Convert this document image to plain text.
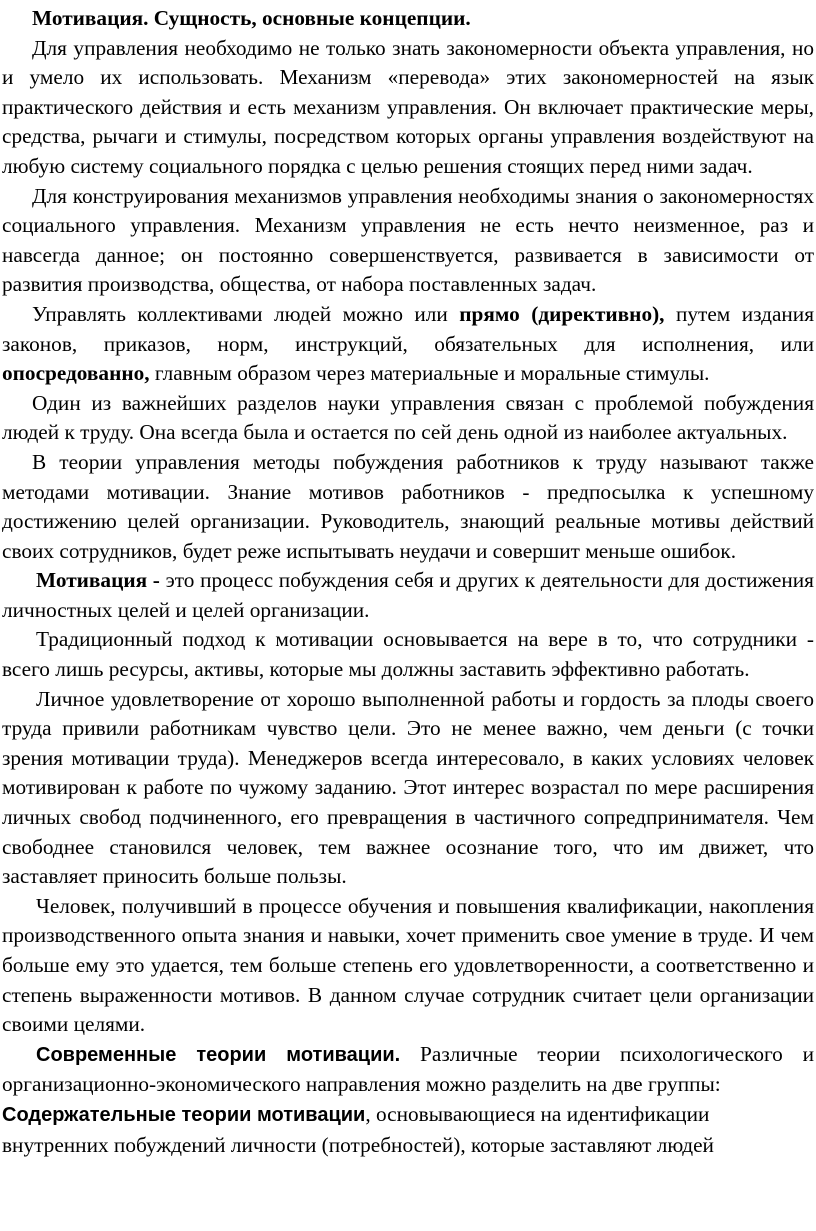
Мотивация. Сущность, основные концепции.

Для управления необходимо не только знать закономерности объекта управления, но и умело их использовать. Механизм «перевода» этих закономерностей на язык практического действия и есть механизм управления. Он включает практические меры, средства, рычаги и стимулы, посредством которых органы управления воздействуют на любую систему социального порядка с целью решения стоящих перед ними задач.

Для конструирования механизмов управления необходимы знания о закономерностях социального управления. Механизм управления не есть нечто неизменное, раз и навсегда данное; он постоянно совершенствуется, развивается в зависимости от развития производства, общества, от набора поставленных задач.

Управлять коллективами людей можно или прямо (директивно), путем издания законов, приказов, норм, инструкций, обязательных для исполнения, или опосредованно, главным образом через материальные и моральные стимулы.

Один из важнейших разделов науки управления связан с проблемой побуждения людей к труду. Она всегда была и остается по сей день одной из наиболее актуальных.

В теории управления методы побуждения работников к труду называют также методами мотивации. Знание мотивов работников - предпосылка к успешному достижению целей организации. Руководитель, знающий реальные мотивы действий своих сотрудников, будет реже испытывать неудачи и совершит меньше ошибок.

Мотивация - это процесс побуждения себя и других к деятельности для достижения личностных целей и целей организации.

Традиционный подход к мотивации основывается на вере в то, что сотрудники - всего лишь ресурсы, активы, которые мы должны заставить эффективно работать.

Личное удовлетворение от хорошо выполненной работы и гордость за плоды своего труда привили работникам чувство цели. Это не менее важно, чем деньги (с точки зрения мотивации труда). Менеджеров всегда интересовало, в каких условиях человек мотивирован к работе по чужому заданию. Этот интерес возрастал по мере расширения личных свобод подчиненного, его превращения в частичного сопредпринимателя. Чем свободнее становился человек, тем важнее осознание того, что им движет, что заставляет приносить больше пользы.

Человек, получивший в процессе обучения и повышения квалификации, накопления производственного опыта знания и навыки, хочет применить свое умение в труде. И чем больше ему это удается, тем больше степень его удовлетворенности, а соответственно и степень выраженности мотивов. В данном случае сотрудник считает цели организации своими целями.

Современные теории мотивации. Различные теории психологического и организационно-экономического направления можно разделить на две группы:

Содержательные теории мотивации, основывающиеся на идентификации внутренних побуждений личности (потребностей), которые заставляют людей
